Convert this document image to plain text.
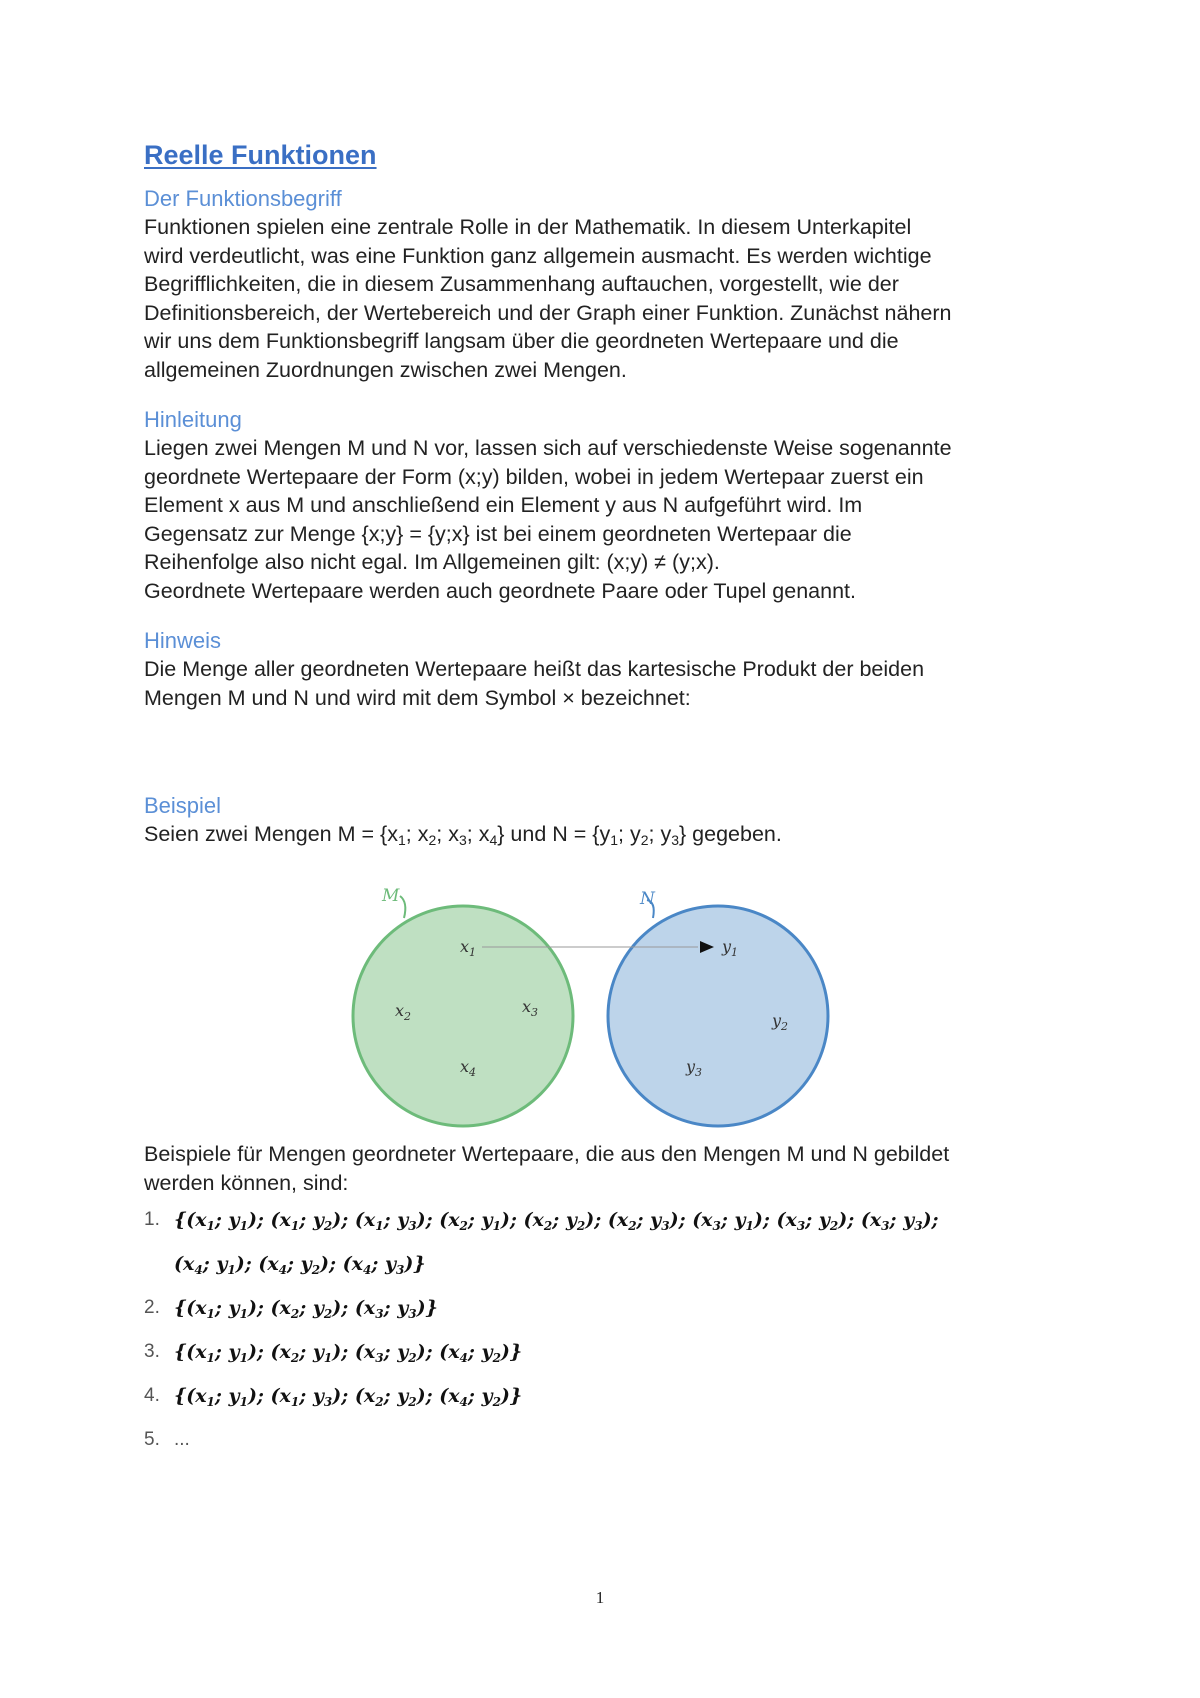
Reelle Funktionen

Der Funktionsbegriff

Funktionen spielen eine zentrale Rolle in der Mathematik. In diesem Unterkapitel

wird verdeutlicht, was eine Funktion ganz allgemein ausmacht. Es werden wichtige

Begrifflichkeiten, die in diesem Zusammenhang auftauchen, vorgestellt, wie der

Definitionsbereich, der Wertebereich und der Graph einer Funktion. Zunächst nähern

wir uns dem Funktionsbegriff langsam über die geordneten Wertepaare und die

allgemeinen Zuordnungen zwischen zwei Mengen.

Hinleitung

Liegen zwei Mengen M und N vor, lassen sich auf verschiedenste Weise sogenannte

geordnete Wertepaare der Form (x;y) bilden, wobei in jedem Wertepaar zuerst ein

Element x aus M und anschließend ein Element y aus N aufgeführt wird. Im

Gegensatz zur Menge {x;y} = {y;x} ist bei einem geordneten Wertepaar die

Reihenfolge also nicht egal. Im Allgemeinen gilt: (x;y) ≠ (y;x).

Geordnete Wertepaare werden auch geordnete Paare oder Tupel genannt.

Hinweis

Die Menge aller geordneten Wertepaare heißt das kartesische Produkt der beiden

Mengen M und N und wird mit dem Symbol × bezeichnet:

Beispiel

Seien zwei Mengen $M = \{x_1$; $x_2$; $x_3$; $x_4$} und $N = \{y_1$; $y_2$; $y_3$} gegeben.

M	N
$x_1$
$x_2$
$x_3$
$x_4$
$y_1$
$y_2$
$y_3$

Beispiele für Mengen geordneter Wertepaare, die aus den Mengen M und N gebildet

werden können, sind:

1. {($x_1$; $y_1$); ($x_1$; $y_2$); ($x_1$; $y_3$); ($x_2$; $y_1$); ($x_2$; $y_2$); ($x_2$; $y_3$); ($x_3$; $y_1$); ($x_3$; $y_2$); ($x_3$; $y_3$);
($x_4$; $y_1$); ($x_4$; $y_2$); ($x_4$; $y_3$)}
2. {($x_1$; $y_1$); ($x_2$; $y_2$); ($x_3$; $y_3$)}
3. {($x_1$; $y_1$); ($x_2$; $y_1$); ($x_3$; $y_2$); ($x_4$; $y_2$)}
4. {($x_1$; $y_1$); ($x_1$; $y_3$); ($x_2$; $y_2$); ($x_4$; $y_2$)}
5. ...
1
